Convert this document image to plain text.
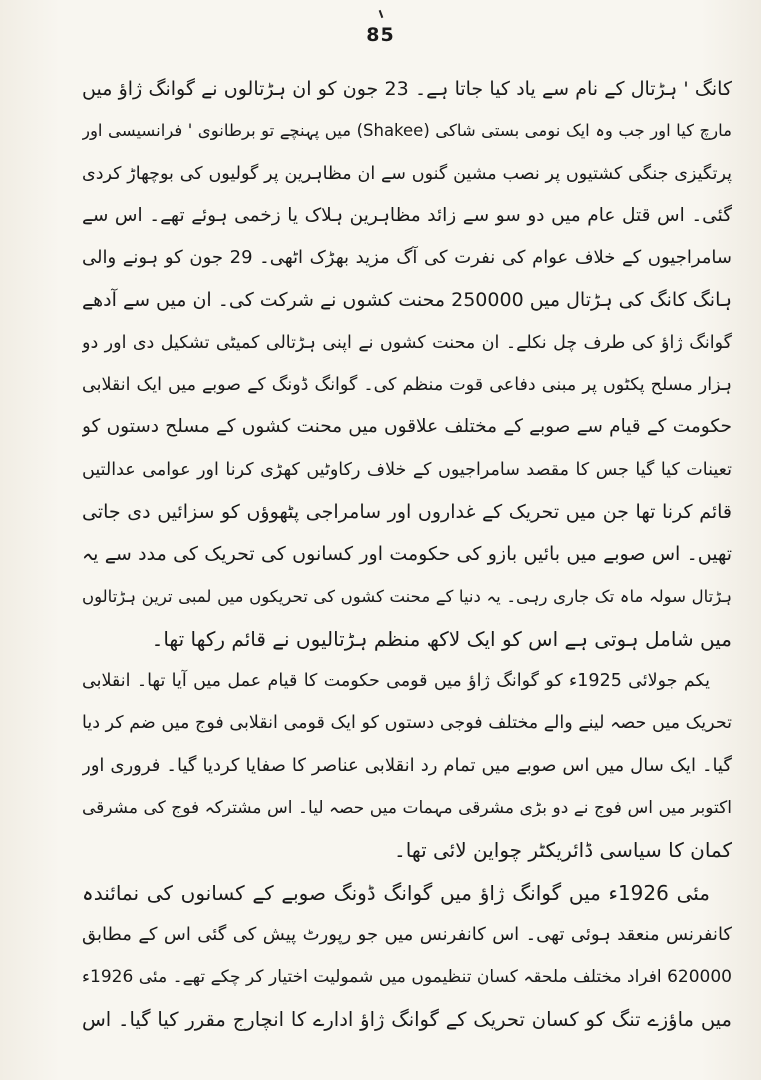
85
کانگ ' ہڑتال کے نام سے یاد کیا جاتا ہے۔ 23 جون کو ان ہڑتالوں نے گوانگ ژاؤ میں
مارچ کیا اور جب وہ ایک نومی بستی شاکی (Shakee) میں پہنچے تو برطانوی ' فرانسیسی اور
پرتگیزی جنگی کشتیوں پر نصب مشین گنوں سے ان مظاہرین پر گولیوں کی بوچھاڑ کردی
گئی۔ اس قتل عام میں دو سو سے زائد مظاہرین ہلاک یا زخمی ہوئے تھے۔ اس سے
سامراجیوں کے خلاف عوام کی نفرت کی آگ مزید بھڑک اٹھی۔ 29 جون کو ہونے والی
ہانگ کانگ کی ہڑتال میں 250000 محنت کشوں نے شرکت کی۔ ان میں سے آدھے
گوانگ ژاؤ کی طرف چل نکلے۔ ان محنت کشوں نے اپنی ہڑتالی کمیٹی تشکیل دی اور دو
ہزار مسلح پکٹوں پر مبنی دفاعی قوت منظم کی۔ گوانگ ڈونگ کے صوبے میں ایک انقلابی
حکومت کے قیام سے صوبے کے مختلف علاقوں میں محنت کشوں کے مسلح دستوں کو
تعینات کیا گیا جس کا مقصد سامراجیوں کے خلاف رکاوٹیں کھڑی کرنا اور عوامی عدالتیں
قائم کرنا تھا جن میں تحریک کے غداروں اور سامراجی پٹھوؤں کو سزائیں دی جاتی
تھیں۔ اس صوبے میں بائیں بازو کی حکومت اور کسانوں کی تحریک کی مدد سے یہ
ہڑتال سولہ ماہ تک جاری رہی۔ یہ دنیا کے محنت کشوں کی تحریکوں میں لمبی ترین ہڑتالوں
میں شامل ہوتی ہے اس کو ایک لاکھ منظم ہڑتالیوں نے قائم رکھا تھا۔
یکم جولائی 1925ء کو گوانگ ژاؤ میں قومی حکومت کا قیام عمل میں آیا تھا۔ انقلابی
تحریک میں حصہ لینے والے مختلف فوجی دستوں کو ایک قومی انقلابی فوج میں ضم کر دیا
گیا۔ ایک سال میں اس صوبے میں تمام رد انقلابی عناصر کا صفایا کردیا گیا۔ فروری اور
اکتوبر میں اس فوج نے دو بڑی مشرقی مہمات میں حصہ لیا۔ اس مشترکہ فوج کی مشرقی
کمان کا سیاسی ڈائریکٹر چواین لائی تھا۔
مئی 1926ء میں گوانگ ژاؤ میں گوانگ ڈونگ صوبے کے کسانوں کی نمائندہ
کانفرنس منعقد ہوئی تھی۔ اس کانفرنس میں جو رپورٹ پیش کی گئی اس کے مطابق
620000 افراد مختلف ملحقہ کسان تنظیموں میں شمولیت اختیار کر چکے تھے۔ مئی 1926ء
میں ماؤزے تنگ کو کسان تحریک کے گوانگ ژاؤ ادارے کا انچارج مقرر کیا گیا۔ اس
